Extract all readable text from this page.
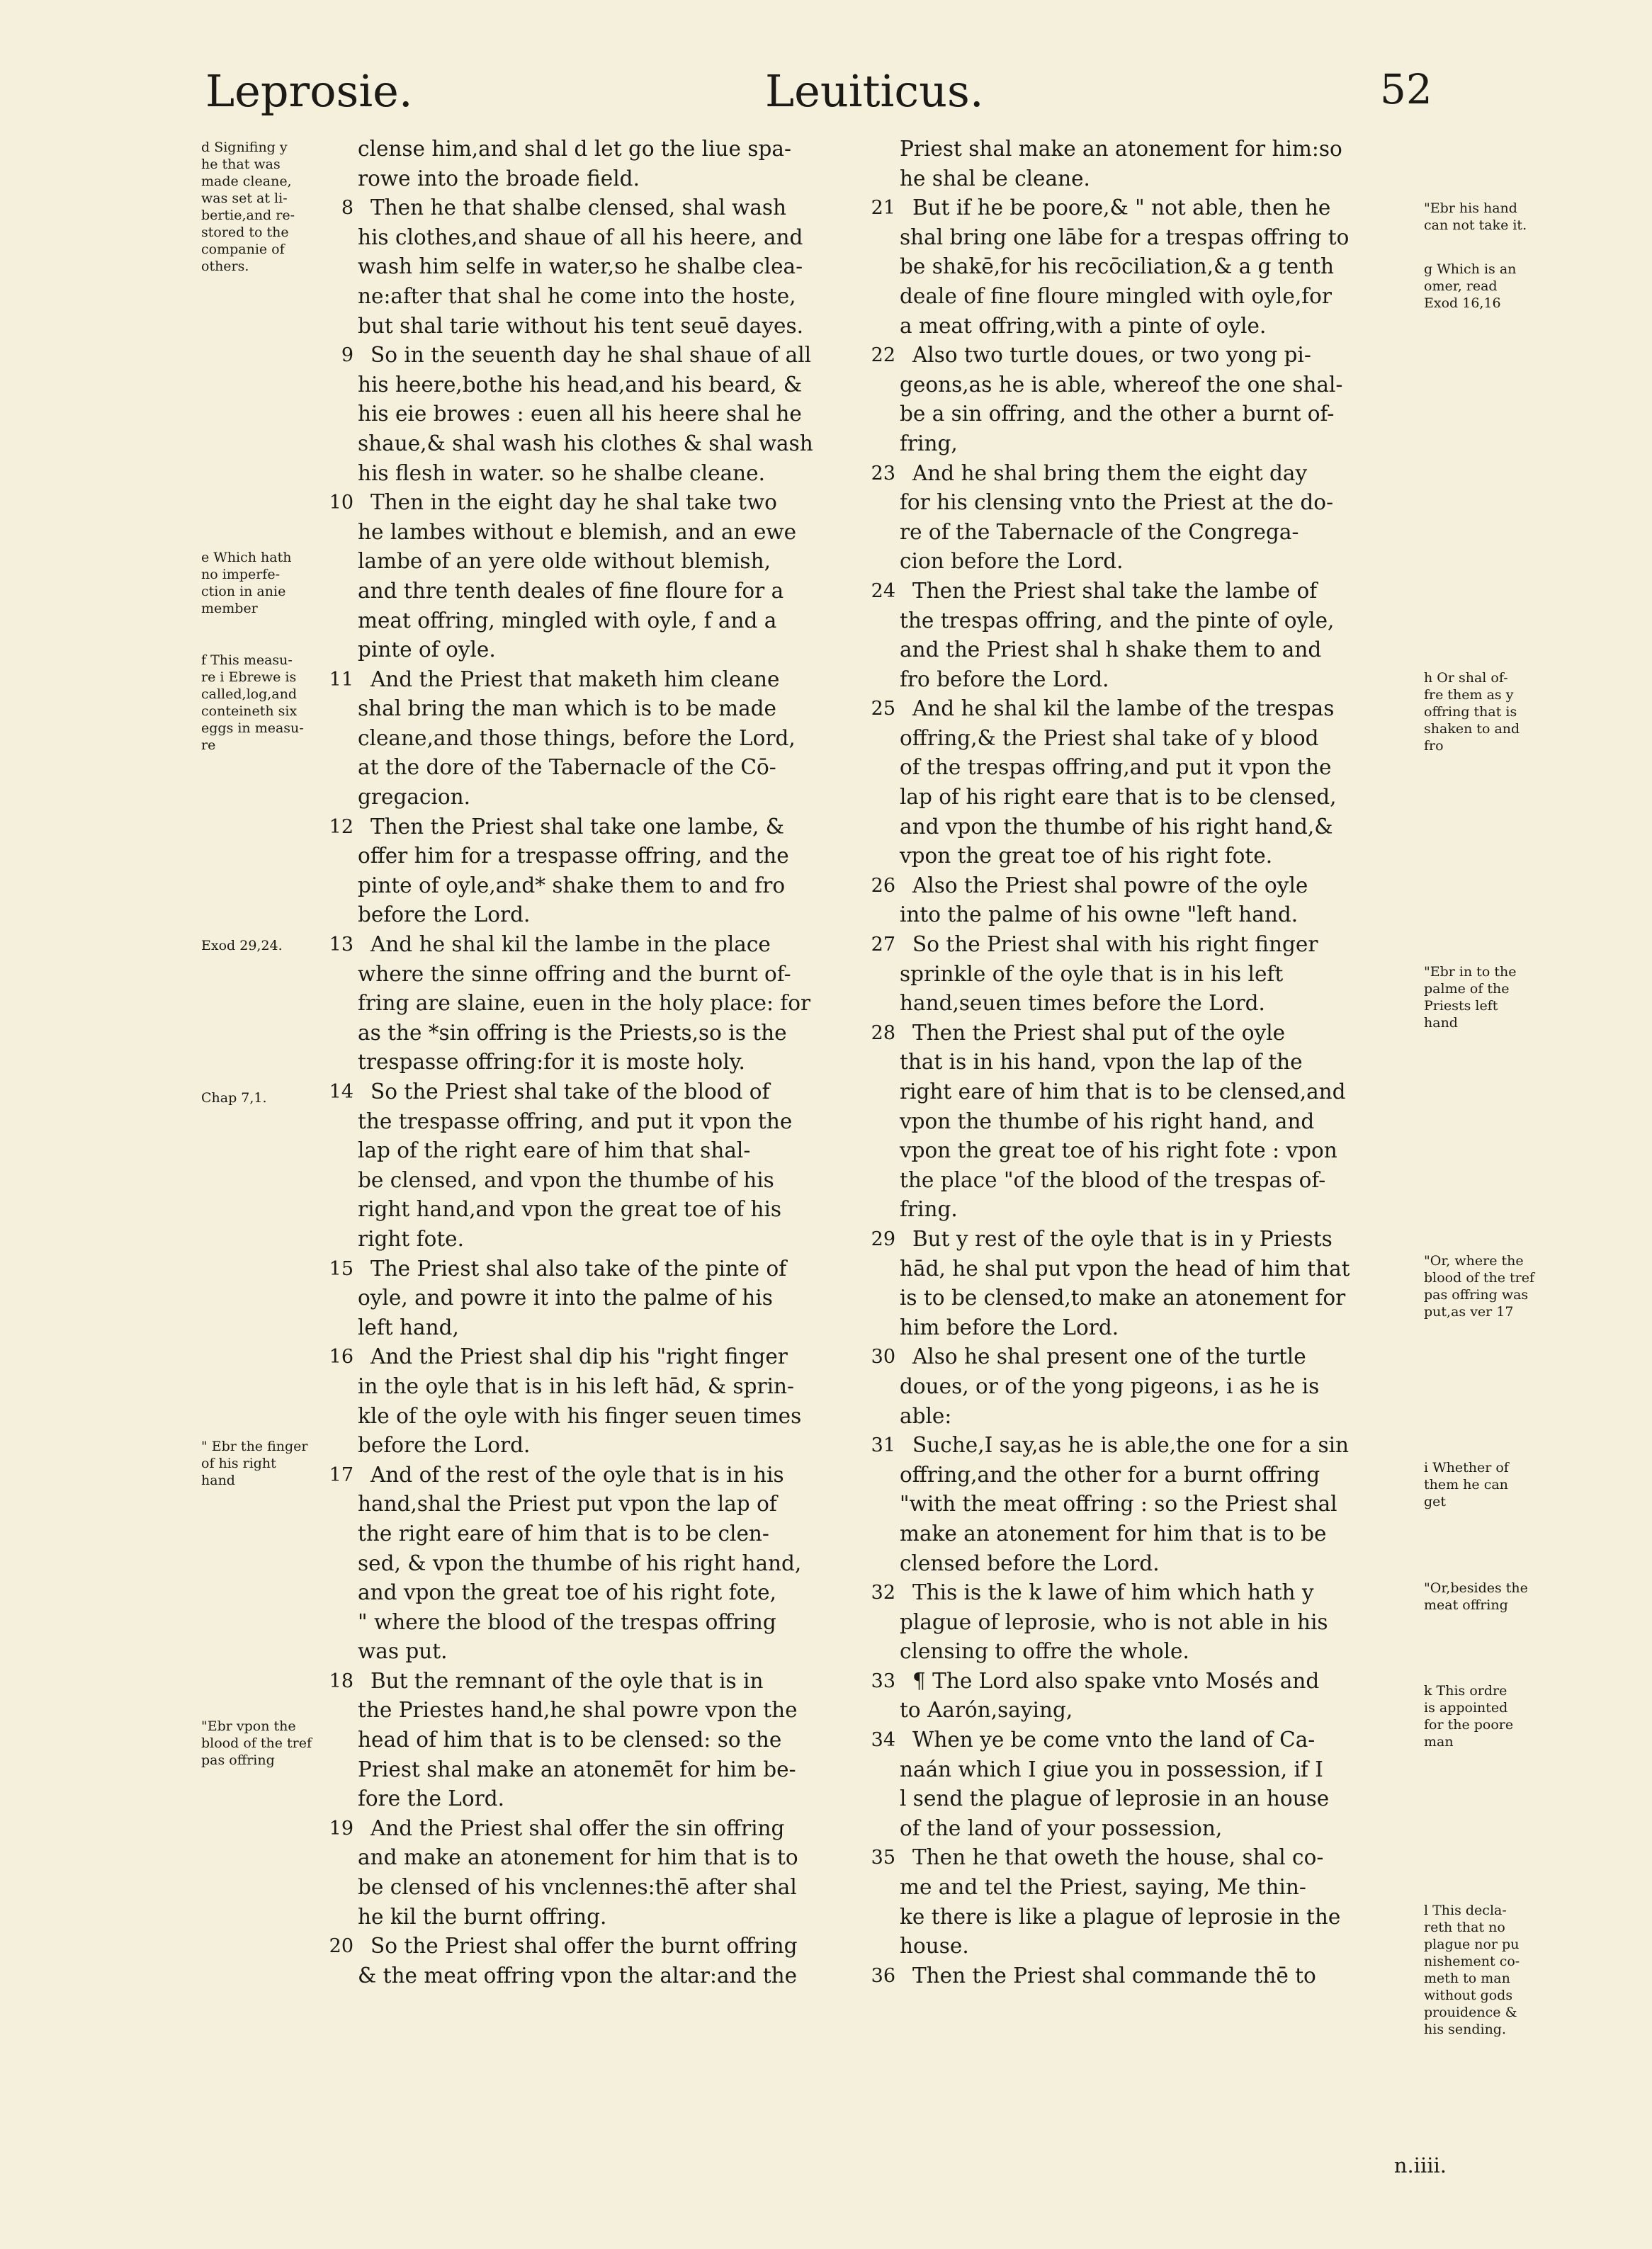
Leprosie.	Leuiticus.	52
d Signifing y
he that was
made cleane,
was set at li-
bertie,and re-
stored to the
companie of
others.
e Which hath
no imperfe-
ction in anie
member
f This measu-
re i Ebrewe is
called,log,and
conteineth six
eggs in measu-
re
Exod 29,24.
Chap 7,1.
" Ebr the finger
of his right
hand
"Ebr vpon the
blood of the tref
pas offring
"Ebr his hand
can not take it.
g Which is an
omer, read
Exod 16,16
h Or shal of-
fre them as y
offring that is
shaken to and
fro
"Ebr in to the
palme of the
Priests left
hand
"Or, where the
blood of the tref
pas offring was
put,as ver 17
i Whether of
them he can
get
"Or,besides the
meat offring
k This ordre
is appointed
for the poore
man
l This decla-
reth that no
plague nor pu
nishement co-
meth to man
without gods
prouidence &
his sending.
clense him,and shal d let go the liue spa-
rowe into the broade field.
8 Then he that shalbe clensed, shal wash
his clothes,and shaue of all his heere, and
wash him selfe in water,so he shalbe clea-
ne:after that shal he come into the hoste,
but shal tarie without his tent seuē dayes.
9 So in the seuenth day he shal shaue of all
his heere,bothe his head,and his beard, &
his eie browes : euen all his heere shal he
shaue,& shal wash his clothes & shal wash
his flesh in water. so he shalbe cleane.
10 Then in the eight day he shal take two
he lambes without e blemish, and an ewe
lambe of an yere olde without blemish,
and thre tenth deales of fine floure for a
meat offring, mingled with oyle, f and a
pinte of oyle.
11 And the Priest that maketh him cleane
shal bring the man which is to be made
cleane,and those things, before the Lord,
at the dore of the Tabernacle of the Cō-
gregacion.
12 Then the Priest shal take one lambe, &
offer him for a trespasse offring, and the
pinte of oyle,and* shake them to and fro
before the Lord.
13 And he shal kil the lambe in the place
where the sinne offring and the burnt of-
fring are slaine, euen in the holy place: for
as the *sin offring is the Priests,so is the
trespasse offring:for it is moste holy.
14 So the Priest shal take of the blood of
the trespasse offring, and put it vpon the
lap of the right eare of him that shal-
be clensed, and vpon the thumbe of his
right hand,and vpon the great toe of his
right fote.
15 The Priest shal also take of the pinte of
oyle, and powre it into the palme of his
left hand,
16 And the Priest shal dip his "right finger
in the oyle that is in his left hād, & sprin-
kle of the oyle with his finger seuen times
before the Lord.
17 And of the rest of the oyle that is in his
hand,shal the Priest put vpon the lap of
the right eare of him that is to be clen-
sed, & vpon the thumbe of his right hand,
and vpon the great toe of his right fote,
" where the blood of the trespas offring
was put.
18 But the remnant of the oyle that is in
the Priestes hand,he shal powre vpon the
head of him that is to be clensed: so the
Priest shal make an atonemēt for him be-
fore the Lord.
19 And the Priest shal offer the sin offring
and make an atonement for him that is to
be clensed of his vnclennes:thē after shal
he kil the burnt offring.
20 So the Priest shal offer the burnt offring
& the meat offring vpon the altar:and the
Priest shal make an atonement for him:so
he shal be cleane.
21 But if he be poore,& " not able, then he
shal bring one lābe for a trespas offring to
be shakē,for his recōciliation,& a g tenth
deale of fine floure mingled with oyle,for
a meat offring,with a pinte of oyle.
22 Also two turtle doues, or two yong pi-
geons,as he is able, whereof the one shal-
be a sin offring, and the other a burnt of-
fring,
23 And he shal bring them the eight day
for his clensing vnto the Priest at the do-
re of the Tabernacle of the Congrega-
cion before the Lord.
24 Then the Priest shal take the lambe of
the trespas offring, and the pinte of oyle,
and the Priest shal h shake them to and
fro before the Lord.
25 And he shal kil the lambe of the trespas
offring,& the Priest shal take of y blood
of the trespas offring,and put it vpon the
lap of his right eare that is to be clensed,
and vpon the thumbe of his right hand,&
vpon the great toe of his right fote.
26 Also the Priest shal powre of the oyle
into the palme of his owne "left hand.
27 So the Priest shal with his right finger
sprinkle of the oyle that is in his left
hand,seuen times before the Lord.
28 Then the Priest shal put of the oyle
that is in his hand, vpon the lap of the
right eare of him that is to be clensed,and
vpon the thumbe of his right hand, and
vpon the great toe of his right fote : vpon
the place "of the blood of the trespas of-
fring.
29 But y rest of the oyle that is in y Priests
hād, he shal put vpon the head of him that
is to be clensed,to make an atonement for
him before the Lord.
30 Also he shal present one of the turtle
doues, or of the yong pigeons, i as he is
able:
31 Suche,I say,as he is able,the one for a sin
offring,and the other for a burnt offring
"with the meat offring : so the Priest shal
make an atonement for him that is to be
clensed before the Lord.
32 This is the k lawe of him which hath y
plague of leprosie, who is not able in his
clensing to offre the whole.
33 ¶ The Lord also spake vnto Mosés and
to Aarón,saying,
34 When ye be come vnto the land of Ca-
naán which I giue you in possession, if I
l send the plague of leprosie in an house
of the land of your possession,
35 Then he that oweth the house, shal co-
me and tel the Priest, saying, Me thin-
ke there is like a plague of leprosie in the
house.
36 Then the Priest shal commande thē to
n.iiii.
